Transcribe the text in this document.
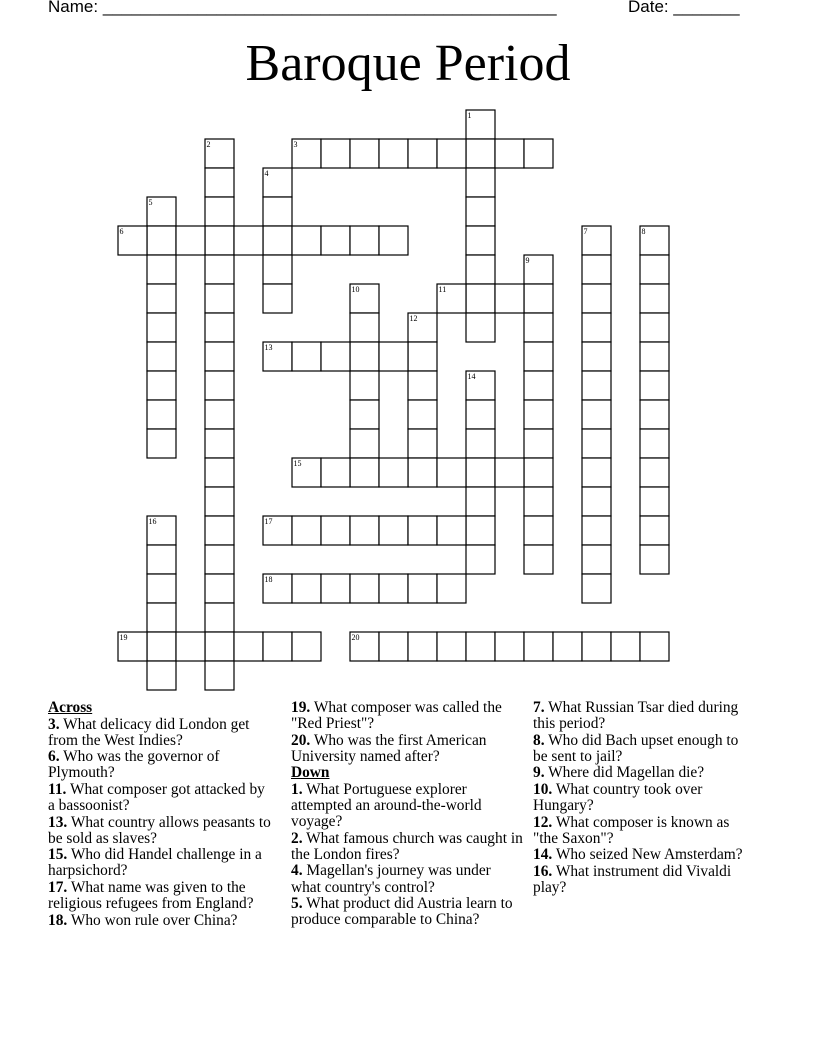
Name: ________________________________________________	Date: _______
Baroque Period
1
2	3
4
5
6	7	8
9
10	11
12
13
14
15
16	17
18
19	20
Across
3. What delicacy did London get from the West Indies?
6. Who was the governor of Plymouth?
11. What composer got attacked by a bassoonist?
13. What country allows peasants to be sold as slaves?
15. Who did Handel challenge in a harpsichord?
17. What name was given to the religious refugees from England?
18. Who won rule over China?
19. What composer was called the "Red Priest"?
20. Who was the first American University named after?
Down
1. What Portuguese explorer attempted an around-the-world voyage?
2. What famous church was caught in the London fires?
4. Magellan's journey was under what country's control?
5. What product did Austria learn to produce comparable to China?
7. What Russian Tsar died during this period?
8. Who did Bach upset enough to be sent to jail?
9. Where did Magellan die?
10. What country took over Hungary?
12. What composer is known as "the Saxon"?
14. Who seized New Amsterdam?
16. What instrument did Vivaldi play?
